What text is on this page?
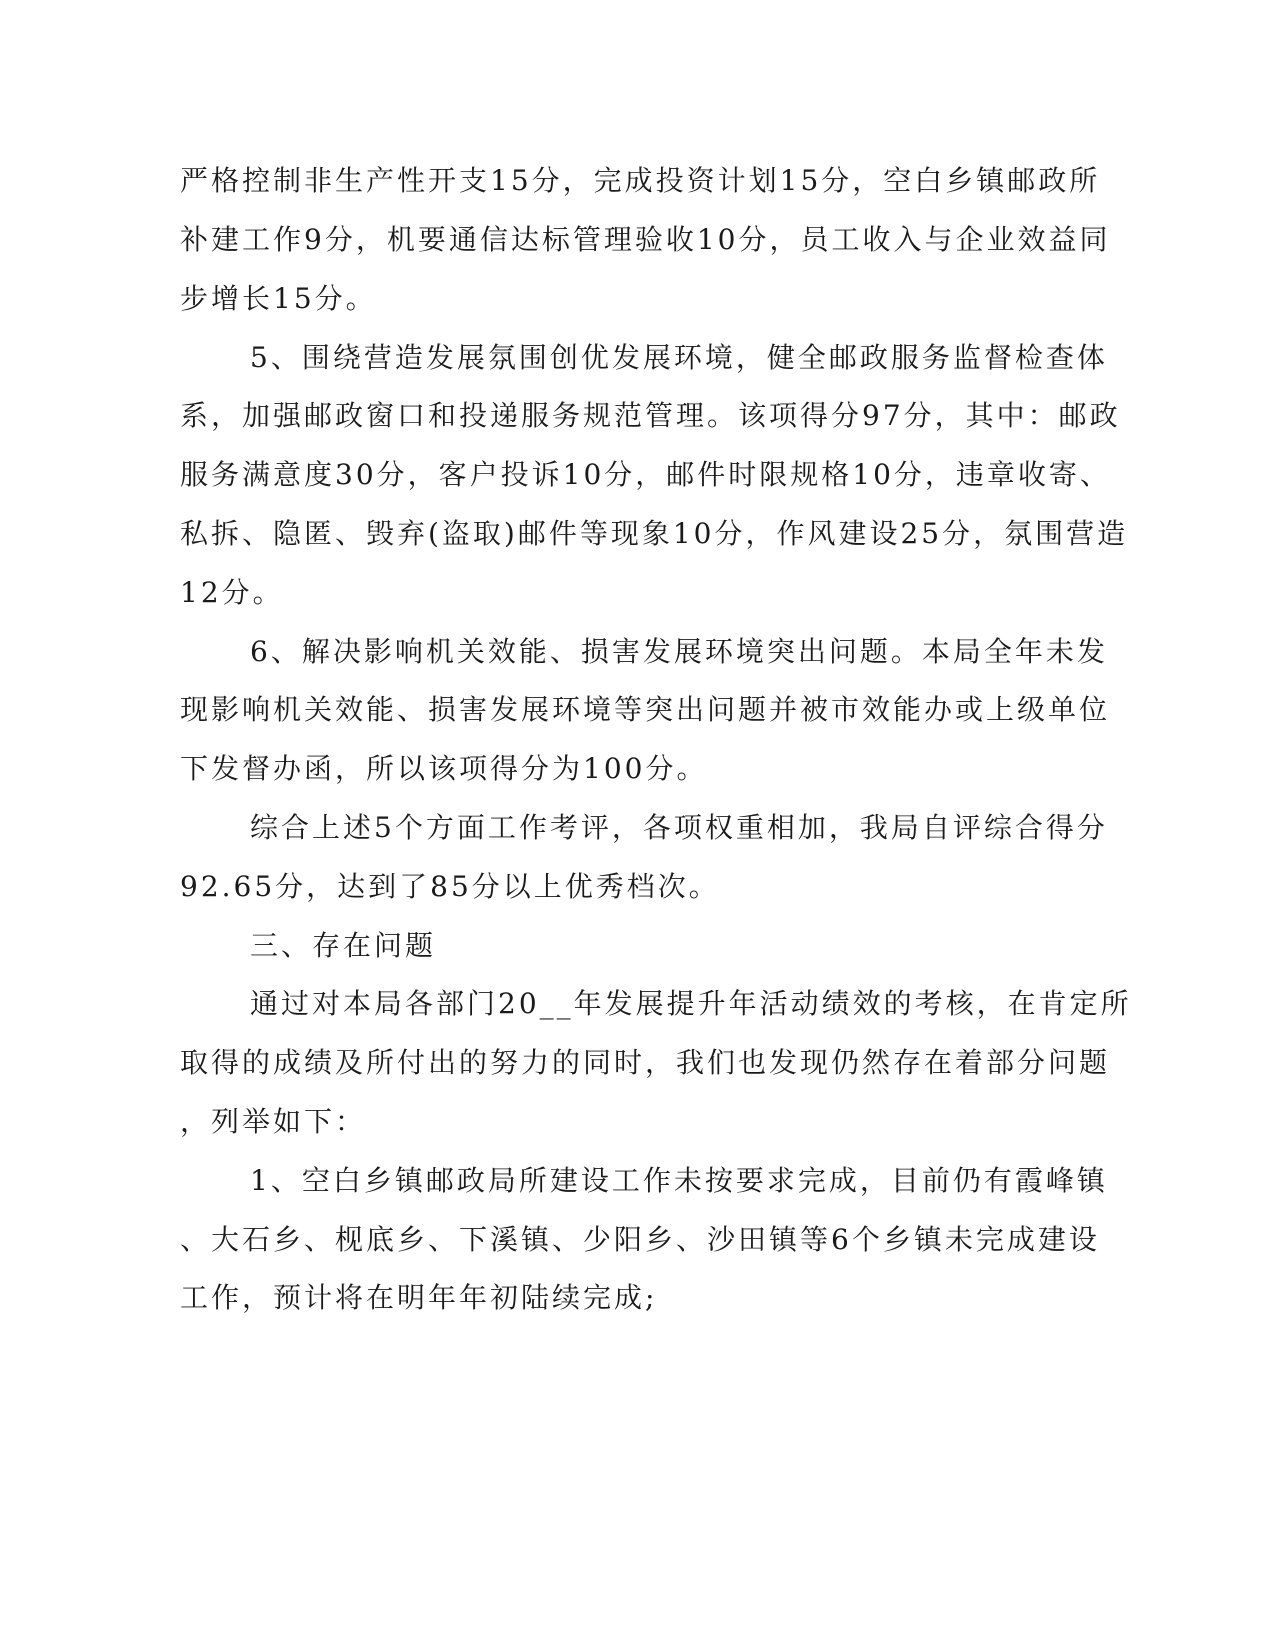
严格控制非生产性开支15分，完成投资计划15分，空白乡镇邮政所
补建工作9分，机要通信达标管理验收10分，员工收入与企业效益同
步增长15分。
5、围绕营造发展氛围创优发展环境，健全邮政服务监督检查体
系，加强邮政窗口和投递服务规范管理。该项得分97分，其中：邮政
服务满意度30分，客户投诉10分，邮件时限规格10分，违章收寄、
私拆、隐匿、毁弃(盗取)邮件等现象10分，作风建设25分，氛围营造
12分。
6、解决影响机关效能、损害发展环境突出问题。本局全年未发
现影响机关效能、损害发展环境等突出问题并被市效能办或上级单位
下发督办函，所以该项得分为100分。
综合上述5个方面工作考评，各项权重相加，我局自评综合得分
92.65分，达到了85分以上优秀档次。
三、存在问题
通过对本局各部门20__年发展提升年活动绩效的考核，在肯定所
取得的成绩及所付出的努力的同时，我们也发现仍然存在着部分问题
，列举如下：
1、空白乡镇邮政局所建设工作未按要求完成，目前仍有霞峰镇
、大石乡、枧底乡、下溪镇、少阳乡、沙田镇等6个乡镇未完成建设
工作，预计将在明年年初陆续完成;
